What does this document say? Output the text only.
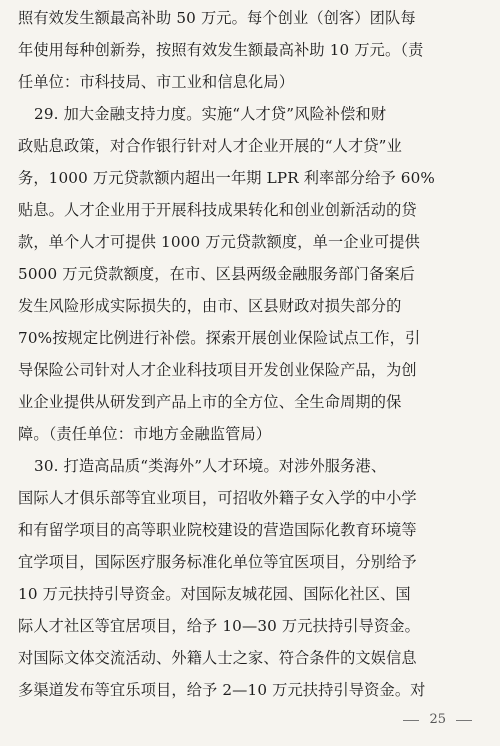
照有效发生额最高补助 50 万元。每个创业（创客）团队每
年使用每种创新券，按照有效发生额最高补助 10 万元。（责
任单位：市科技局、市工业和信息化局）
29. 加大金融支持力度。实施“人才贷”风险补偿和财
政贴息政策，对合作银行针对人才企业开展的“人才贷”业
务，1000 万元贷款额内超出一年期 LPR 利率部分给予 60%
贴息。人才企业用于开展科技成果转化和创业创新活动的贷
款，单个人才可提供 1000 万元贷款额度，单一企业可提供
5000 万元贷款额度，在市、区县两级金融服务部门备案后
发生风险形成实际损失的，由市、区县财政对损失部分的
70%按规定比例进行补偿。探索开展创业保险试点工作，引
导保险公司针对人才企业科技项目开发创业保险产品，为创
业企业提供从研发到产品上市的全方位、全生命周期的保
障。（责任单位：市地方金融监管局）
30. 打造高品质“类海外”人才环境。对涉外服务港、
国际人才俱乐部等宜业项目，可招收外籍子女入学的中小学
和有留学项目的高等职业院校建设的营造国际化教育环境等
宜学项目，国际医疗服务标准化单位等宜医项目，分别给予
10 万元扶持引导资金。对国际友城花园、国际化社区、国
际人才社区等宜居项目，给予 10—30 万元扶持引导资金。
对国际文体交流活动、外籍人士之家、符合条件的文娱信息
多渠道发布等宜乐项目，给予 2—10 万元扶持引导资金。对
25
